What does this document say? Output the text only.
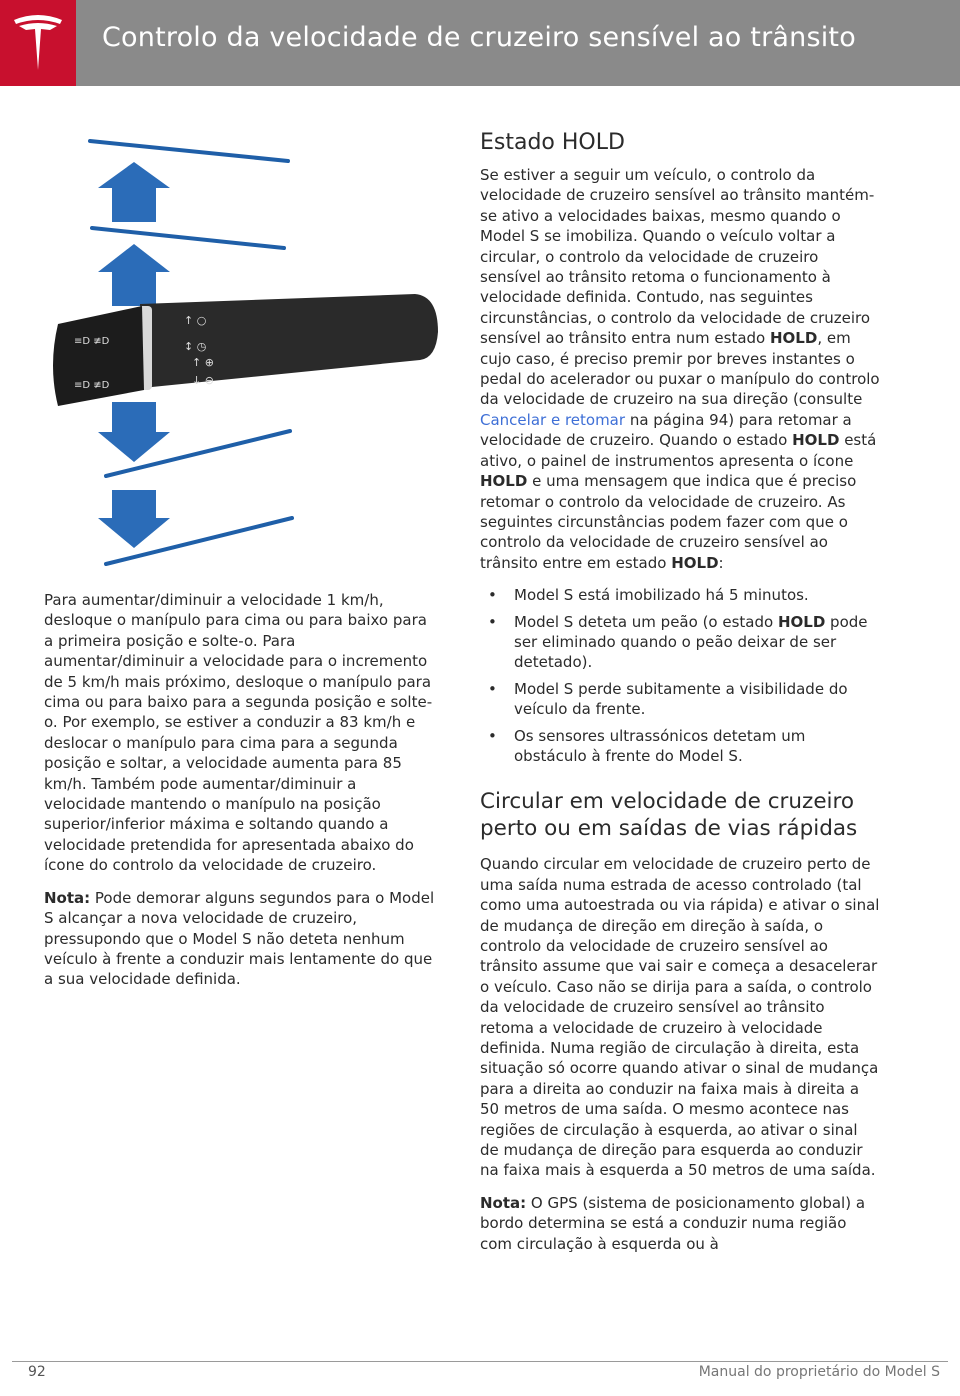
Controlo da velocidade de cruzeiro sensível ao trânsito
≡D ≢D
≡D ≢D
↑ ○
↕ ◷
↑ ⊕
↓ ⊖

Para aumentar/diminuir a velocidade 1 km/h, desloque o manípulo para cima ou para baixo para a primeira posição e solte-o. Para aumentar/diminuir a velocidade para o incremento de 5 km/h mais próximo, desloque o manípulo para cima ou para baixo para a segunda posição e solte-o. Por exemplo, se estiver a conduzir a 83 km/h e deslocar o manípulo para cima para a segunda posição e soltar, a velocidade aumenta para 85 km/h. Também pode aumentar/diminuir a velocidade mantendo o manípulo na posição superior/inferior máxima e soltando quando a velocidade pretendida for apresentada abaixo do ícone do controlo da velocidade de cruzeiro.

Nota: Pode demorar alguns segundos para o Model S alcançar a nova velocidade de cruzeiro, pressupondo que o Model S não deteta nenhum veículo à frente a conduzir mais lentamente do que a sua velocidade definida.

Estado HOLD

Se estiver a seguir um veículo, o controlo da velocidade de cruzeiro sensível ao trânsito mantém-se ativo a velocidades baixas, mesmo quando o Model S se imobiliza. Quando o veículo voltar a circular, o controlo da velocidade de cruzeiro sensível ao trânsito retoma o funcionamento à velocidade definida. Contudo, nas seguintes circunstâncias, o controlo da velocidade de cruzeiro sensível ao trânsito entra num estado HOLD, em cujo caso, é preciso premir por breves instantes o pedal do acelerador ou puxar o manípulo do controlo da velocidade de cruzeiro na sua direção (consulte Cancelar e retomar na página 94) para retomar a velocidade de cruzeiro. Quando o estado HOLD está ativo, o painel de instrumentos apresenta o ícone HOLD e uma mensagem que indica que é preciso retomar o controlo da velocidade de cruzeiro. As seguintes circunstâncias podem fazer com que o controlo da velocidade de cruzeiro sensível ao trânsito entre em estado HOLD:

• Model S está imobilizado há 5 minutos.
• Model S deteta um peão (o estado HOLD pode ser eliminado quando o peão deixar de ser detetado).
• Model S perde subitamente a visibilidade do veículo da frente.
• Os sensores ultrassónicos detetam um obstáculo à frente do Model S.
Circular em velocidade de cruzeiro perto ou em saídas de vias rápidas

Quando circular em velocidade de cruzeiro perto de uma saída numa estrada de acesso controlado (tal como uma autoestrada ou via rápida) e ativar o sinal de mudança de direção em direção à saída, o controlo da velocidade de cruzeiro sensível ao trânsito assume que vai sair e começa a desacelerar o veículo. Caso não se dirija para a saída, o controlo da velocidade de cruzeiro sensível ao trânsito retoma a velocidade de cruzeiro à velocidade definida. Numa região de circulação à direita, esta situação só ocorre quando ativar o sinal de mudança para a direita ao conduzir na faixa mais à direita a 50 metros de uma saída. O mesmo acontece nas regiões de circulação à esquerda, ao ativar o sinal de mudança de direção para esquerda ao conduzir na faixa mais à esquerda a 50 metros de uma saída.

Nota: O GPS (sistema de posicionamento global) a bordo determina se está a conduzir numa região com circulação à esquerda ou à

92	Manual do proprietário do Model S
